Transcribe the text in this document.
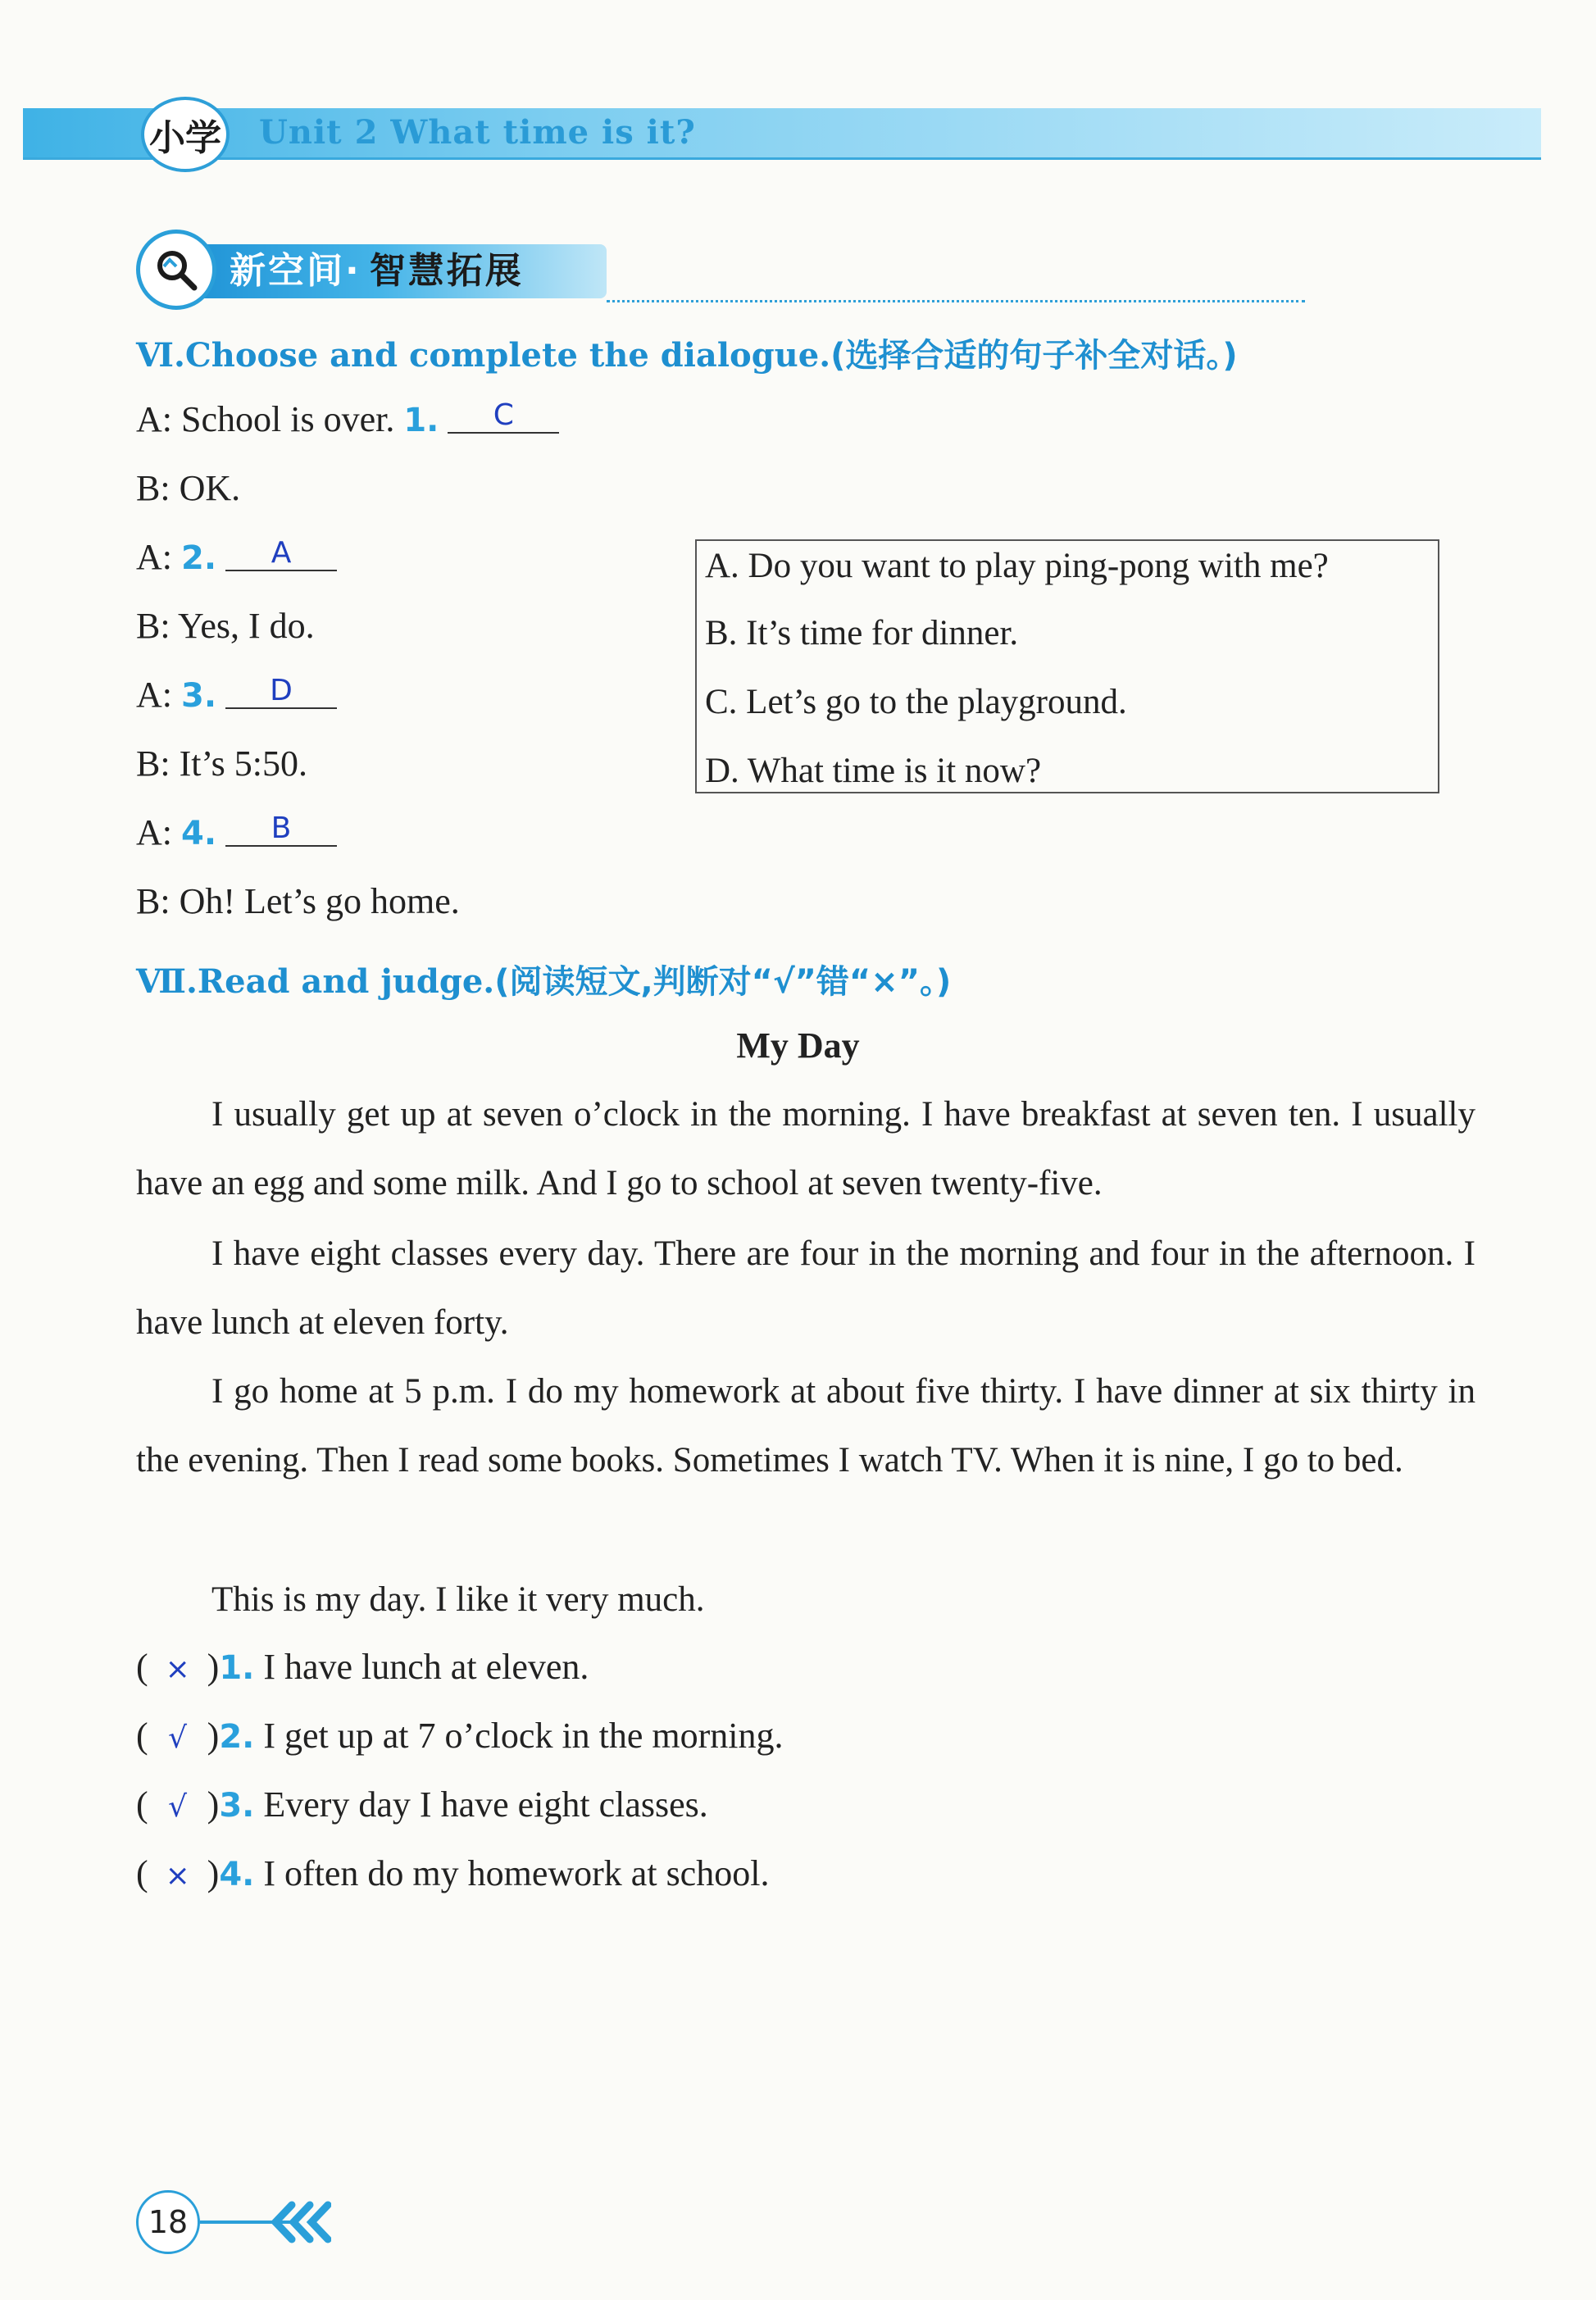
小学 Unit 2 What time is it?
新空间· 智慧拓展
Ⅵ.Choose and complete the dialogue.(选择合适的句子补全对话。)
A: School is over. 1. C
B: OK.
A: 2. A
B: Yes, I do.
A: 3. D
B: It’s 5:50.
A: 4. B
B: Oh! Let’s go home.
A. Do you want to play ping-pong with me?
B. It’s time for dinner.
C. Let’s go to the playground.
D. What time is it now?
Ⅶ.Read and judge.(阅读短文,判断对“√”错“×”。)
My Day
I usually get up at seven o’clock in the morning. I have breakfast at seven ten. I usually have an egg and some milk. And I go to school at seven twenty-five.
I have eight classes every day. There are four in the morning and four in the afternoon. I have lunch at eleven forty.
I go home at 5 p.m. I do my homework at about five thirty. I have dinner at six thirty in the evening. Then I read some books. Sometimes I watch TV. When it is nine, I go to bed.
This is my day. I like it very much.
( × )1. I have lunch at eleven.
( √ )2. I get up at 7 o’clock in the morning.
( √ )3. Every day I have eight classes.
( × )4. I often do my homework at school.
18
